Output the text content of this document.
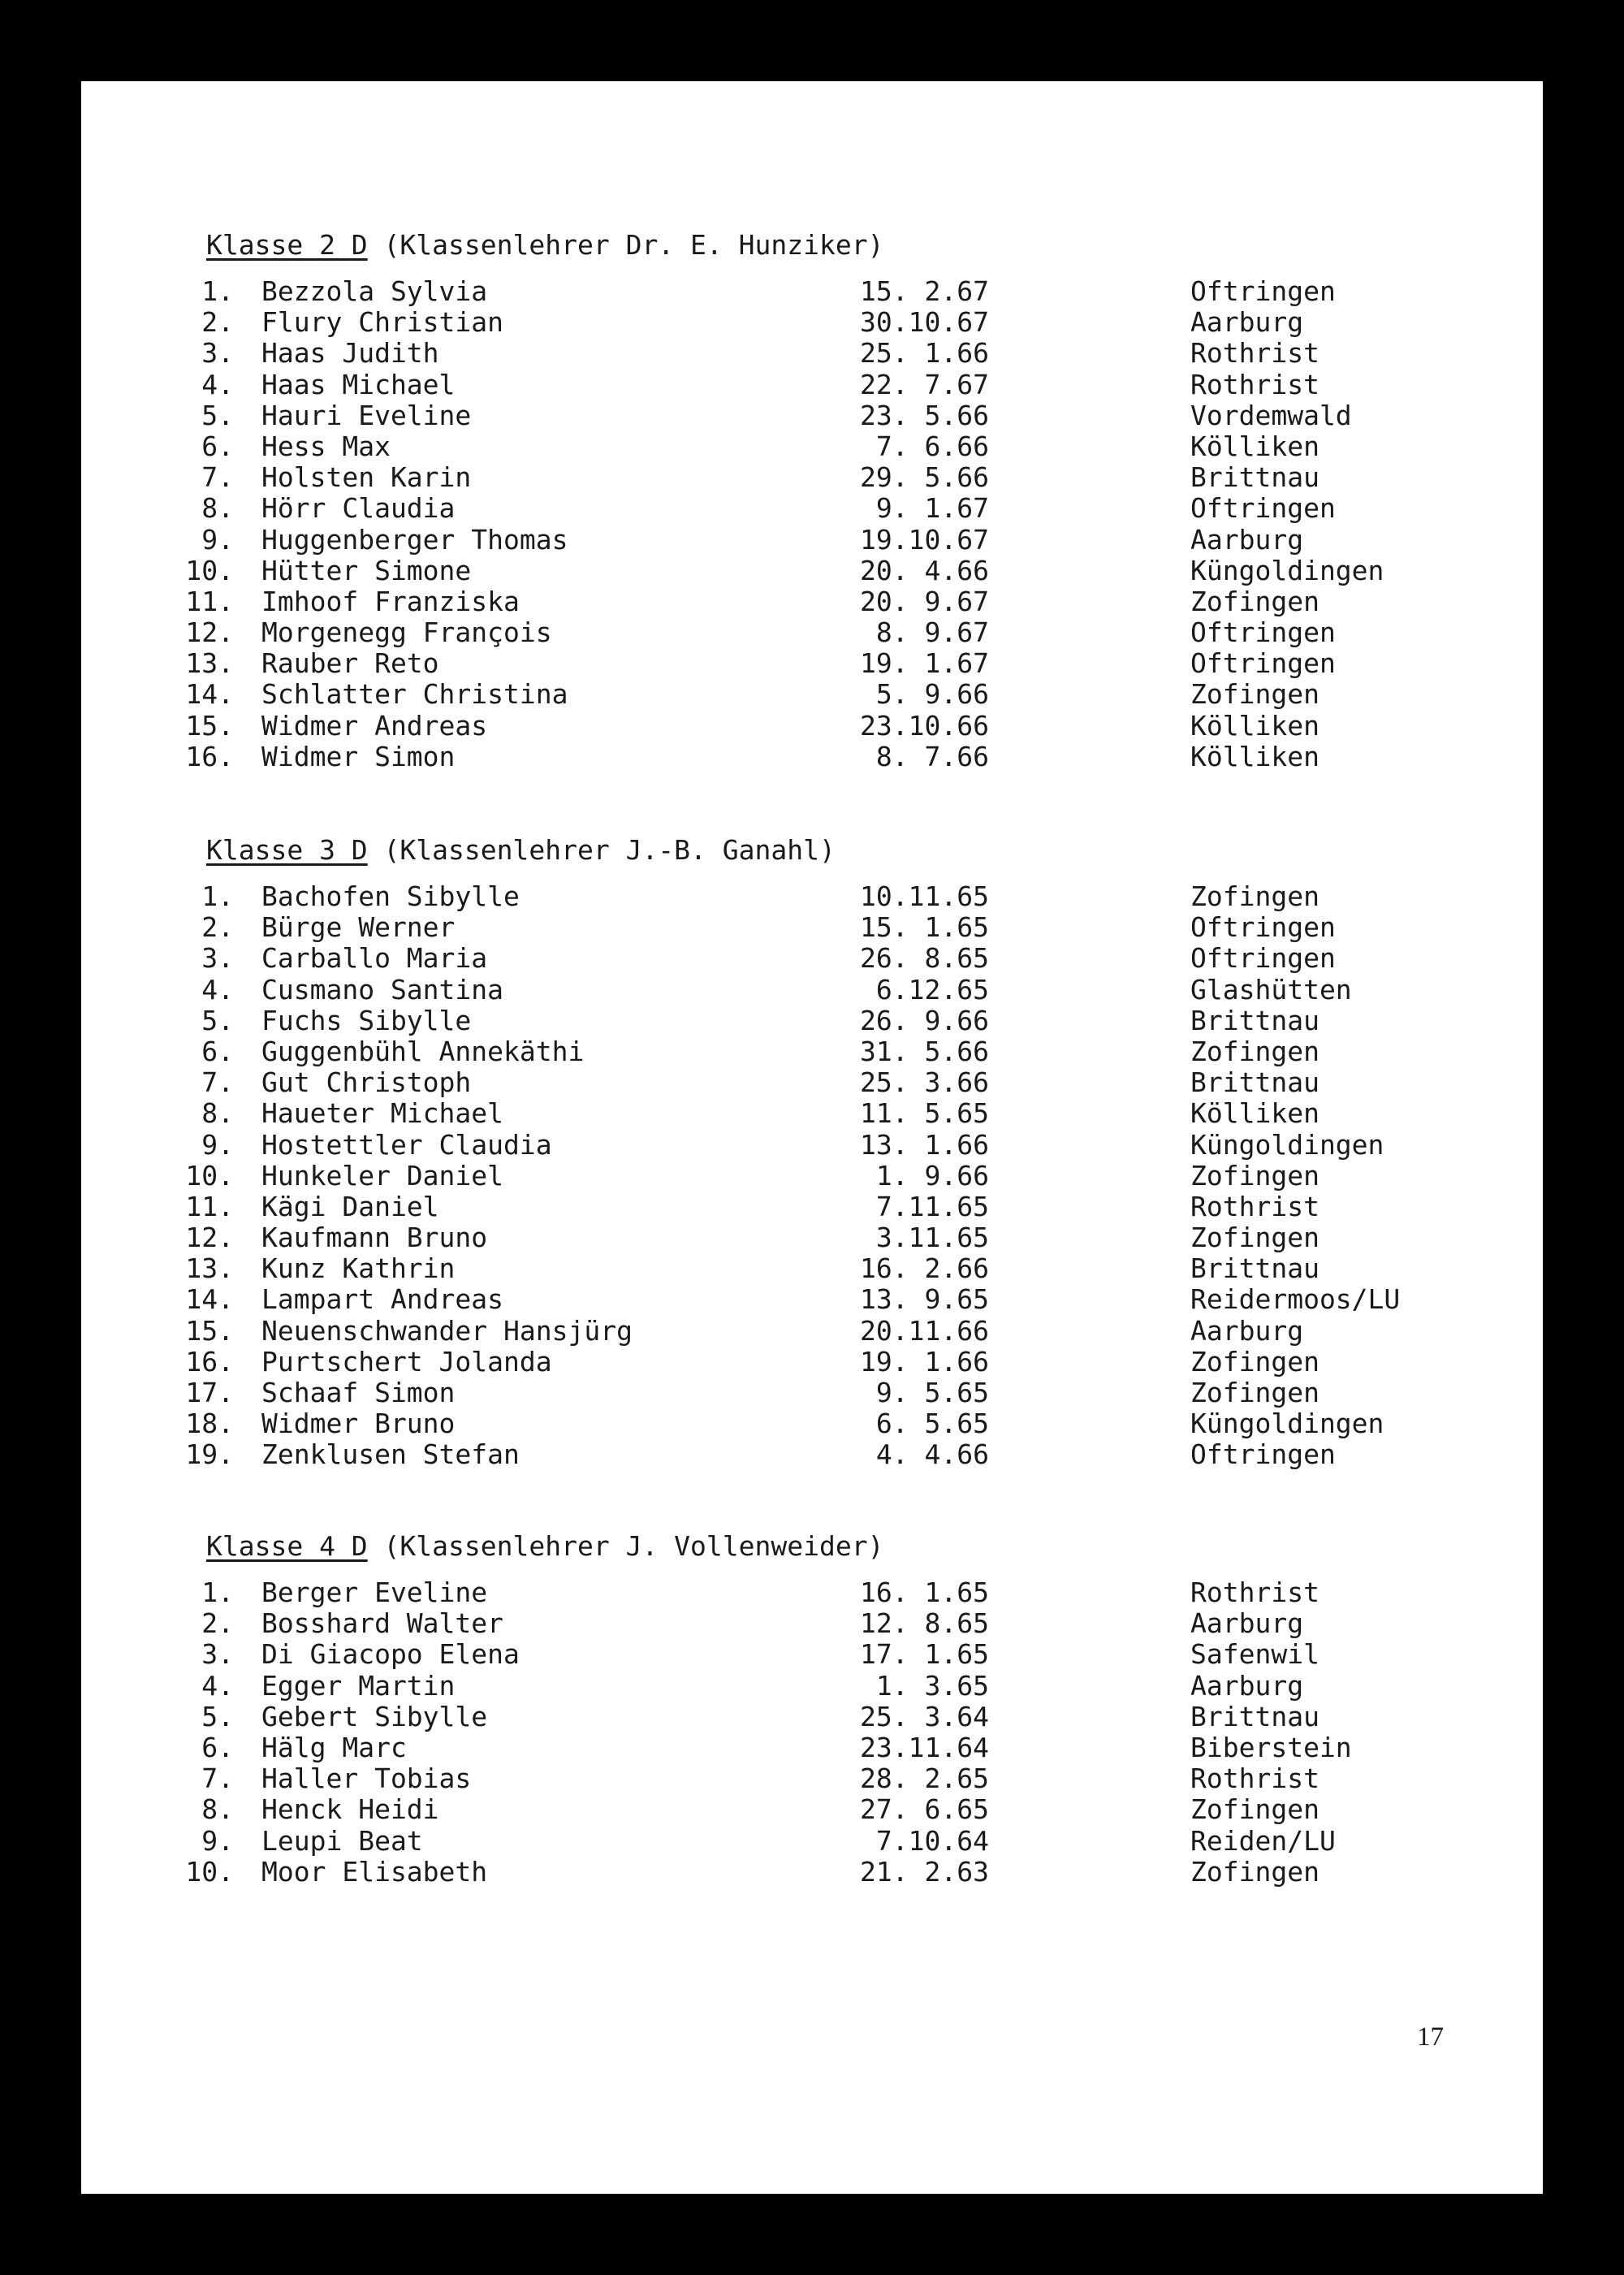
Klasse 2 D (Klassenlehrer Dr. E. Hunziker)
1. Bezzola Sylvia	15. 2.67	Oftringen
2. Flury Christian	30.10.67	Aarburg
3. Haas Judith	25. 1.66	Rothrist
4. Haas Michael	22. 7.67	Rothrist
5. Hauri Eveline	23. 5.66	Vordemwald
6. Hess Max	7. 6.66	Kölliken
7. Holsten Karin	29. 5.66	Brittnau
8. Hörr Claudia	9. 1.67	Oftringen
9. Huggenberger Thomas	19.10.67	Aarburg
10. Hütter Simone	20. 4.66	Küngoldingen
11. Imhoof Franziska	20. 9.67	Zofingen
12. Morgenegg François	8. 9.67	Oftringen
13. Rauber Reto	19. 1.67	Oftringen
14. Schlatter Christina	5. 9.66	Zofingen
15. Widmer Andreas	23.10.66	Kölliken
16. Widmer Simon	8. 7.66	Kölliken
Klasse 3 D (Klassenlehrer J.-B. Ganahl)
1. Bachofen Sibylle	10.11.65	Zofingen
2. Bürge Werner	15. 1.65	Oftringen
3. Carballo Maria	26. 8.65	Oftringen
4. Cusmano Santina	6.12.65	Glashütten
5. Fuchs Sibylle	26. 9.66	Brittnau
6. Guggenbühl Annekäthi	31. 5.66	Zofingen
7. Gut Christoph	25. 3.66	Brittnau
8. Haueter Michael	11. 5.65	Kölliken
9. Hostettler Claudia	13. 1.66	Küngoldingen
10. Hunkeler Daniel	1. 9.66	Zofingen
11. Kägi Daniel	7.11.65	Rothrist
12. Kaufmann Bruno	3.11.65	Zofingen
13. Kunz Kathrin	16. 2.66	Brittnau
14. Lampart Andreas	13. 9.65	Reidermoos/LU
15. Neuenschwander Hansjürg	20.11.66	Aarburg
16. Purtschert Jolanda	19. 1.66	Zofingen
17. Schaaf Simon	9. 5.65	Zofingen
18. Widmer Bruno	6. 5.65	Küngoldingen
19. Zenklusen Stefan	4. 4.66	Oftringen
Klasse 4 D (Klassenlehrer J. Vollenweider)
1. Berger Eveline	16. 1.65	Rothrist
2. Bosshard Walter	12. 8.65	Aarburg
3. Di Giacopo Elena	17. 1.65	Safenwil
4. Egger Martin	1. 3.65	Aarburg
5. Gebert Sibylle	25. 3.64	Brittnau
6. Hälg Marc	23.11.64	Biberstein
7. Haller Tobias	28. 2.65	Rothrist
8. Henck Heidi	27. 6.65	Zofingen
9. Leupi Beat	7.10.64	Reiden/LU
10. Moor Elisabeth	21. 2.63	Zofingen
17
